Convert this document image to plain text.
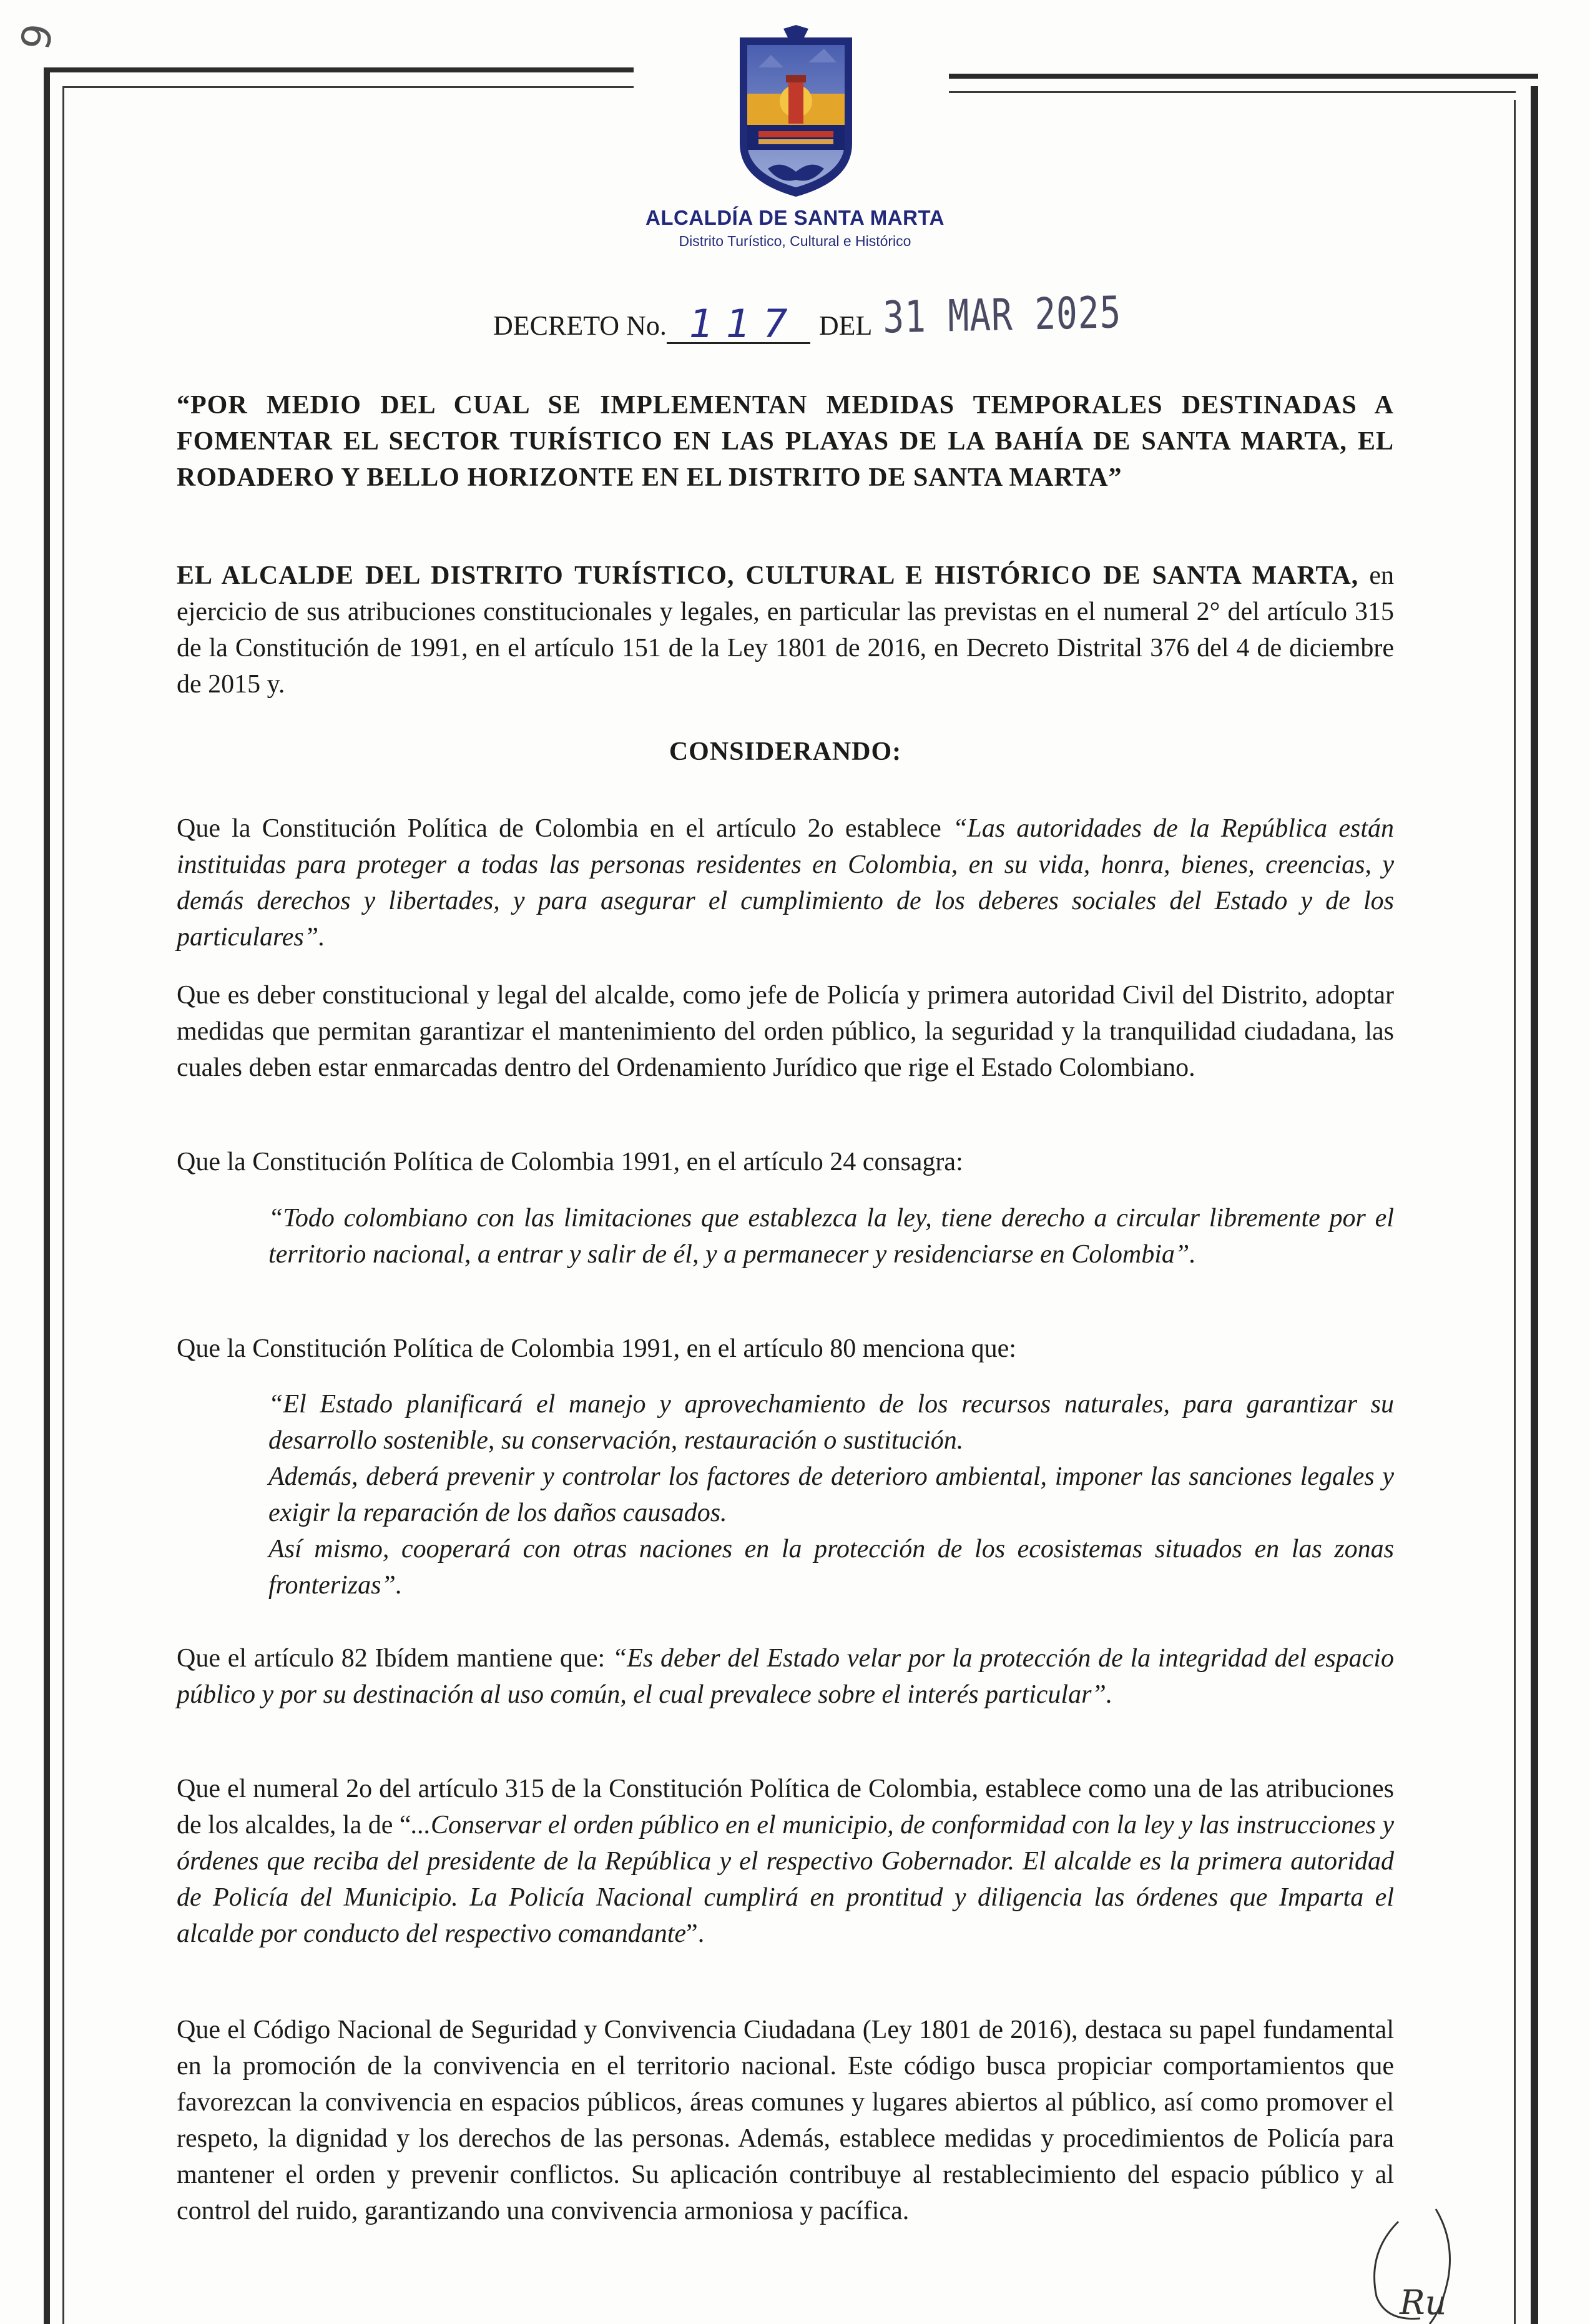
9
ALCALDÍA DE SANTA MARTA
Distrito Turístico, Cultural e Histórico
DECRETO No. 1 1 7 DEL 31 MAR 2025
“POR MEDIO DEL CUAL SE IMPLEMENTAN MEDIDAS TEMPORALES DESTINADAS A FOMENTAR EL SECTOR TURÍSTICO EN LAS PLAYAS DE LA BAHÍA DE SANTA MARTA, EL RODADERO Y BELLO HORIZONTE EN EL DISTRITO DE SANTA MARTA”
EL ALCALDE DEL DISTRITO TURÍSTICO, CULTURAL E HISTÓRICO DE SANTA MARTA, en ejercicio de sus atribuciones constitucionales y legales, en particular las previstas en el numeral 2° del artículo 315 de la Constitución de 1991, en el artículo 151 de la Ley 1801 de 2016, en Decreto Distrital 376 del 4 de diciembre de 2015 y.
CONSIDERANDO:
Que la Constitución Política de Colombia en el artículo 2o establece “Las autoridades de la República están instituidas para proteger a todas las personas residentes en Colombia, en su vida, honra, bienes, creencias, y demás derechos y libertades, y para asegurar el cumplimiento de los deberes sociales del Estado y de los particulares”.
Que es deber constitucional y legal del alcalde, como jefe de Policía y primera autoridad Civil del Distrito, adoptar medidas que permitan garantizar el mantenimiento del orden público, la seguridad y la tranquilidad ciudadana, las cuales deben estar enmarcadas dentro del Ordenamiento Jurídico que rige el Estado Colombiano.
Que la Constitución Política de Colombia 1991, en el artículo 24 consagra:
“Todo colombiano con las limitaciones que establezca la ley, tiene derecho a circular libremente por el territorio nacional, a entrar y salir de él, y a permanecer y residenciarse en Colombia”.
Que la Constitución Política de Colombia 1991, en el artículo 80 menciona que:
“El Estado planificará el manejo y aprovechamiento de los recursos naturales, para garantizar su desarrollo sostenible, su conservación, restauración o sustitución.
Además, deberá prevenir y controlar los factores de deterioro ambiental, imponer las sanciones legales y exigir la reparación de los daños causados.
Así mismo, cooperará con otras naciones en la protección de los ecosistemas situados en las zonas fronterizas”.
Que el artículo 82 Ibídem mantiene que: “Es deber del Estado velar por la protección de la integridad del espacio público y por su destinación al uso común, el cual prevalece sobre el interés particular”.
Que el numeral 2o del artículo 315 de la Constitución Política de Colombia, establece como una de las atribuciones de los alcaldes, la de “...Conservar el orden público en el municipio, de conformidad con la ley y las instrucciones y órdenes que reciba del presidente de la República y el respectivo Gobernador. El alcalde es la primera autoridad de Policía del Municipio. La Policía Nacional cumplirá en prontitud y diligencia las órdenes que Imparta el alcalde por conducto del respectivo comandante”.
Que el Código Nacional de Seguridad y Convivencia Ciudadana (Ley 1801 de 2016), destaca su papel fundamental en la promoción de la convivencia en el territorio nacional. Este código busca propiciar comportamientos que favorezcan la convivencia en espacios públicos, áreas comunes y lugares abiertos al público, así como promover el respeto, la dignidad y los derechos de las personas. Además, establece medidas y procedimientos de Policía para mantener el orden y prevenir conflictos. Su aplicación contribuye al restablecimiento del espacio público y al control del ruido, garantizando una convivencia armoniosa y pacífica.
Ru
